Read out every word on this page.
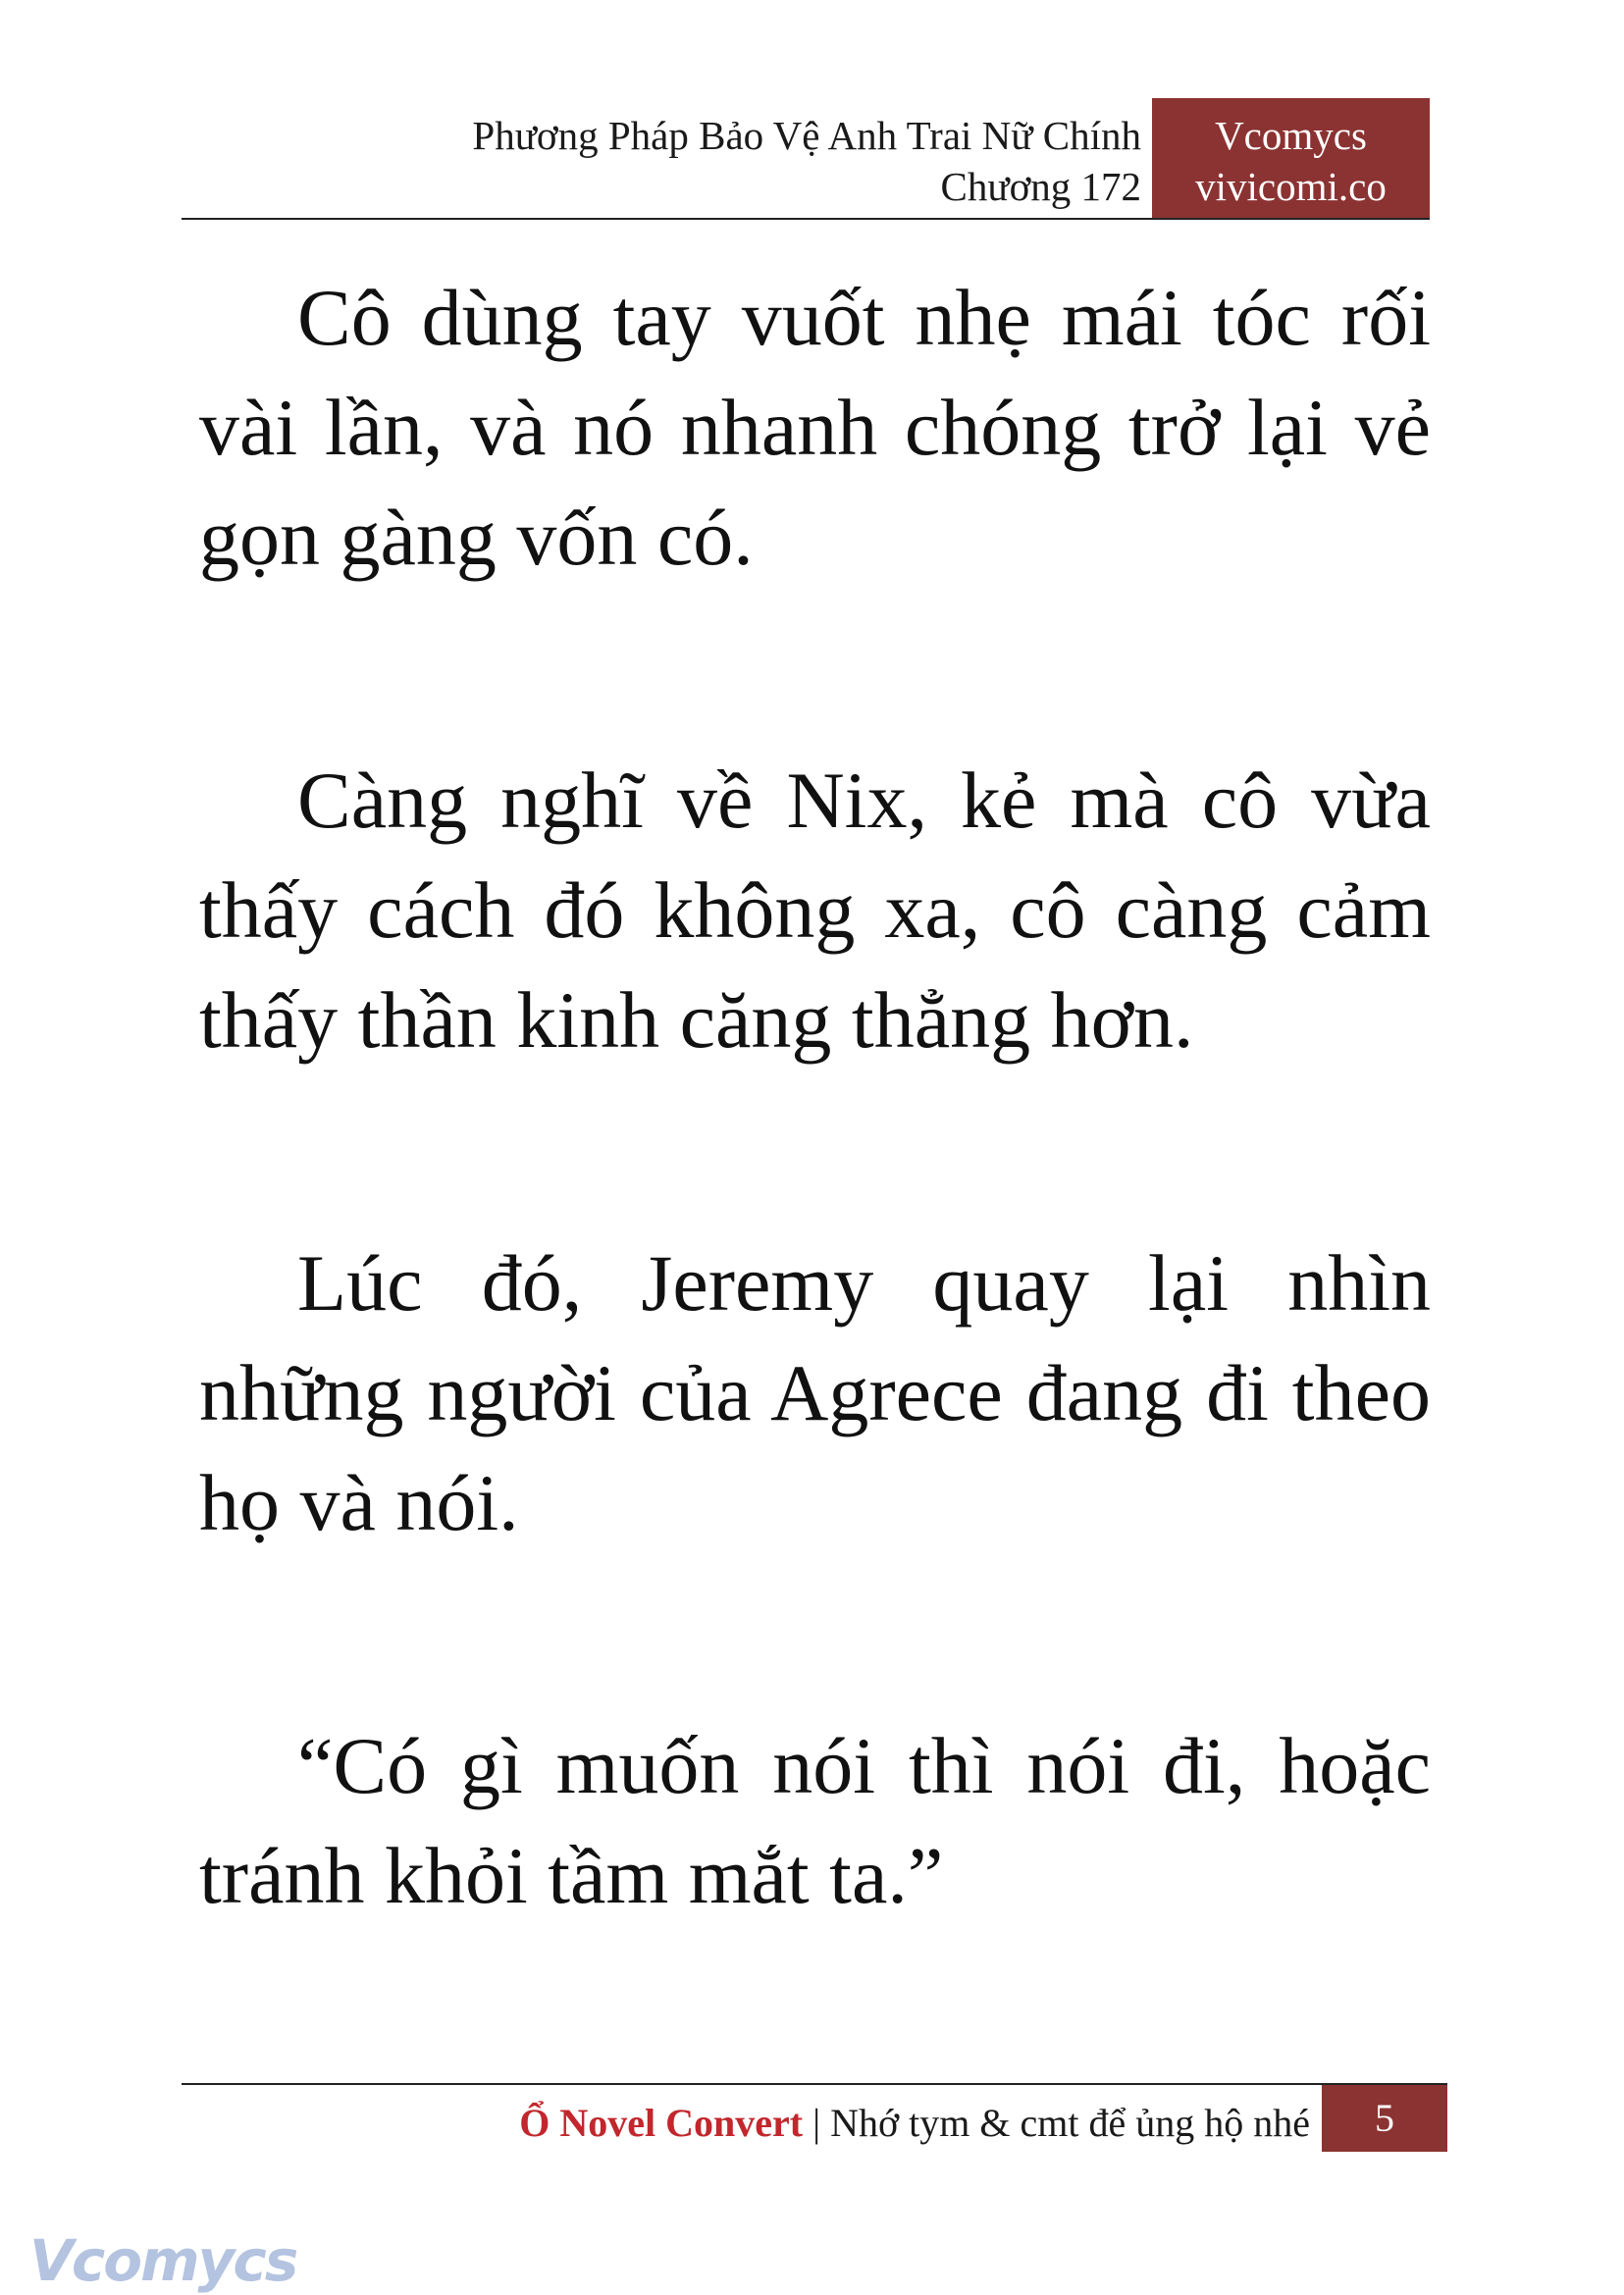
Phương Pháp Bảo Vệ Anh Trai Nữ Chính
Chương 172
Vcomycs
vivicomi.co

Cô dùng tay vuốt nhẹ mái tóc rối vài lần, và nó nhanh chóng trở lại vẻ gọn gàng vốn có.

Càng nghĩ về Nix, kẻ mà cô vừa thấy cách đó không xa, cô càng cảm thấy thần kinh căng thẳng hơn.

Lúc đó, Jeremy quay lại nhìn những người của Agrece đang đi theo họ và nói.

“Có gì muốn nói thì nói đi, hoặc tránh khỏi tầm mắt ta.”

Ổ Novel Convert | Nhớ tym & cmt để ủng hộ nhé	5
Vcomycs
